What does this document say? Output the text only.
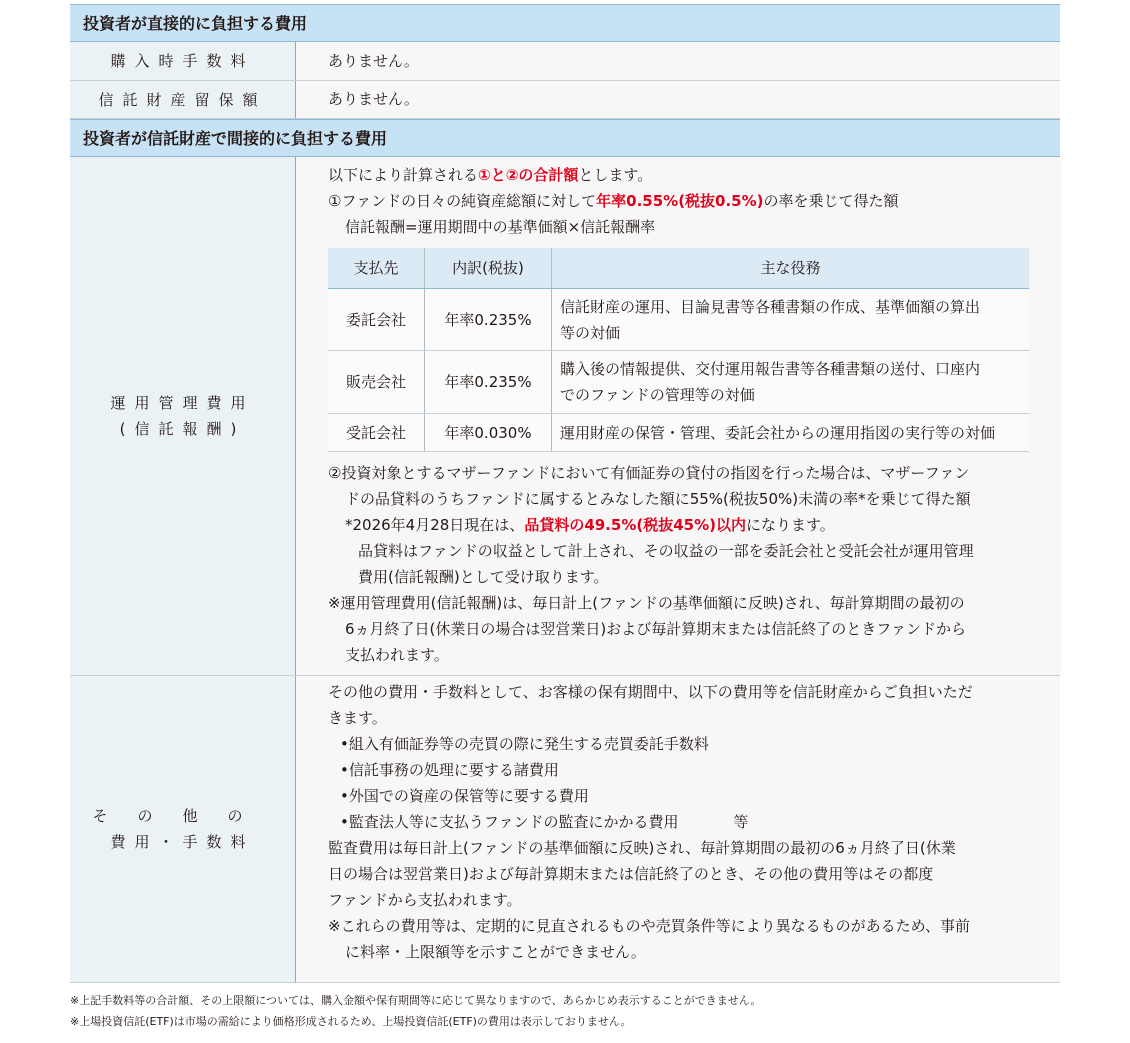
投資者が直接的に負担する費用
購入時手数料	ありません。
信託財産留保額	ありません。
投資者が信託財産で間接的に負担する費用
運用管理費用
(信託報酬)
以下により計算される①と②の合計額とします。
①ファンドの日々の純資産総額に対して年率0.55%(税抜0.5%)の率を乗じて得た額
信託報酬=運用期間中の基準価額×信託報酬率
支払先	内訳(税抜)	主な役務
委託会社	年率0.235%	信託財産の運用、目論見書等各種書類の作成、基準価額の算出
等の対価

販売会社	年率0.235%	購入後の情報提供、交付運用報告書等各種書類の送付、口座内
でのファンドの管理等の対価

受託会社	年率0.030%	運用財産の保管・管理、委託会社からの運用指図の実行等の対価
②投資対象とするマザーファンドにおいて有価証券の貸付の指図を行った場合は、マザーファン
ドの品貸料のうちファンドに属するとみなした額に55%(税抜50%)未満の率*を乗じて得た額
*2026年4月28日現在は、品貸料の49.5%(税抜45%)以内になります。
品貸料はファンドの収益として計上され、その収益の一部を委託会社と受託会社が運用管理
費用(信託報酬)として受け取ります。
※運用管理費用(信託報酬)は、毎日計上(ファンドの基準価額に反映)され、毎計算期間の最初の
6ヵ月終了日(休業日の場合は翌営業日)および毎計算期末または信託終了のときファンドから
支払われます。
その他の
費用・手数料
その他の費用・手数料として、お客様の保有期間中、以下の費用等を信託財産からご負担いただ
きます。
•組入有価証券等の売買の際に発生する売買委託手数料
•信託事務の処理に要する諸費用
•外国での資産の保管等に要する費用
•監査法人等に支払うファンドの監査にかかる費用	等
監査費用は毎日計上(ファンドの基準価額に反映)され、毎計算期間の最初の6ヵ月終了日(休業
日の場合は翌営業日)および毎計算期末または信託終了のとき、その他の費用等はその都度
ファンドから支払われます。
※これらの費用等は、定期的に見直されるものや売買条件等により異なるものがあるため、事前
に料率・上限額等を示すことができません。
※上記手数料等の合計額、その上限額については、購入金額や保有期間等に応じて異なりますので、あらかじめ表示することができません。
※上場投資信託(ETF)は市場の需給により価格形成されるため、上場投資信託(ETF)の費用は表示しておりません。
